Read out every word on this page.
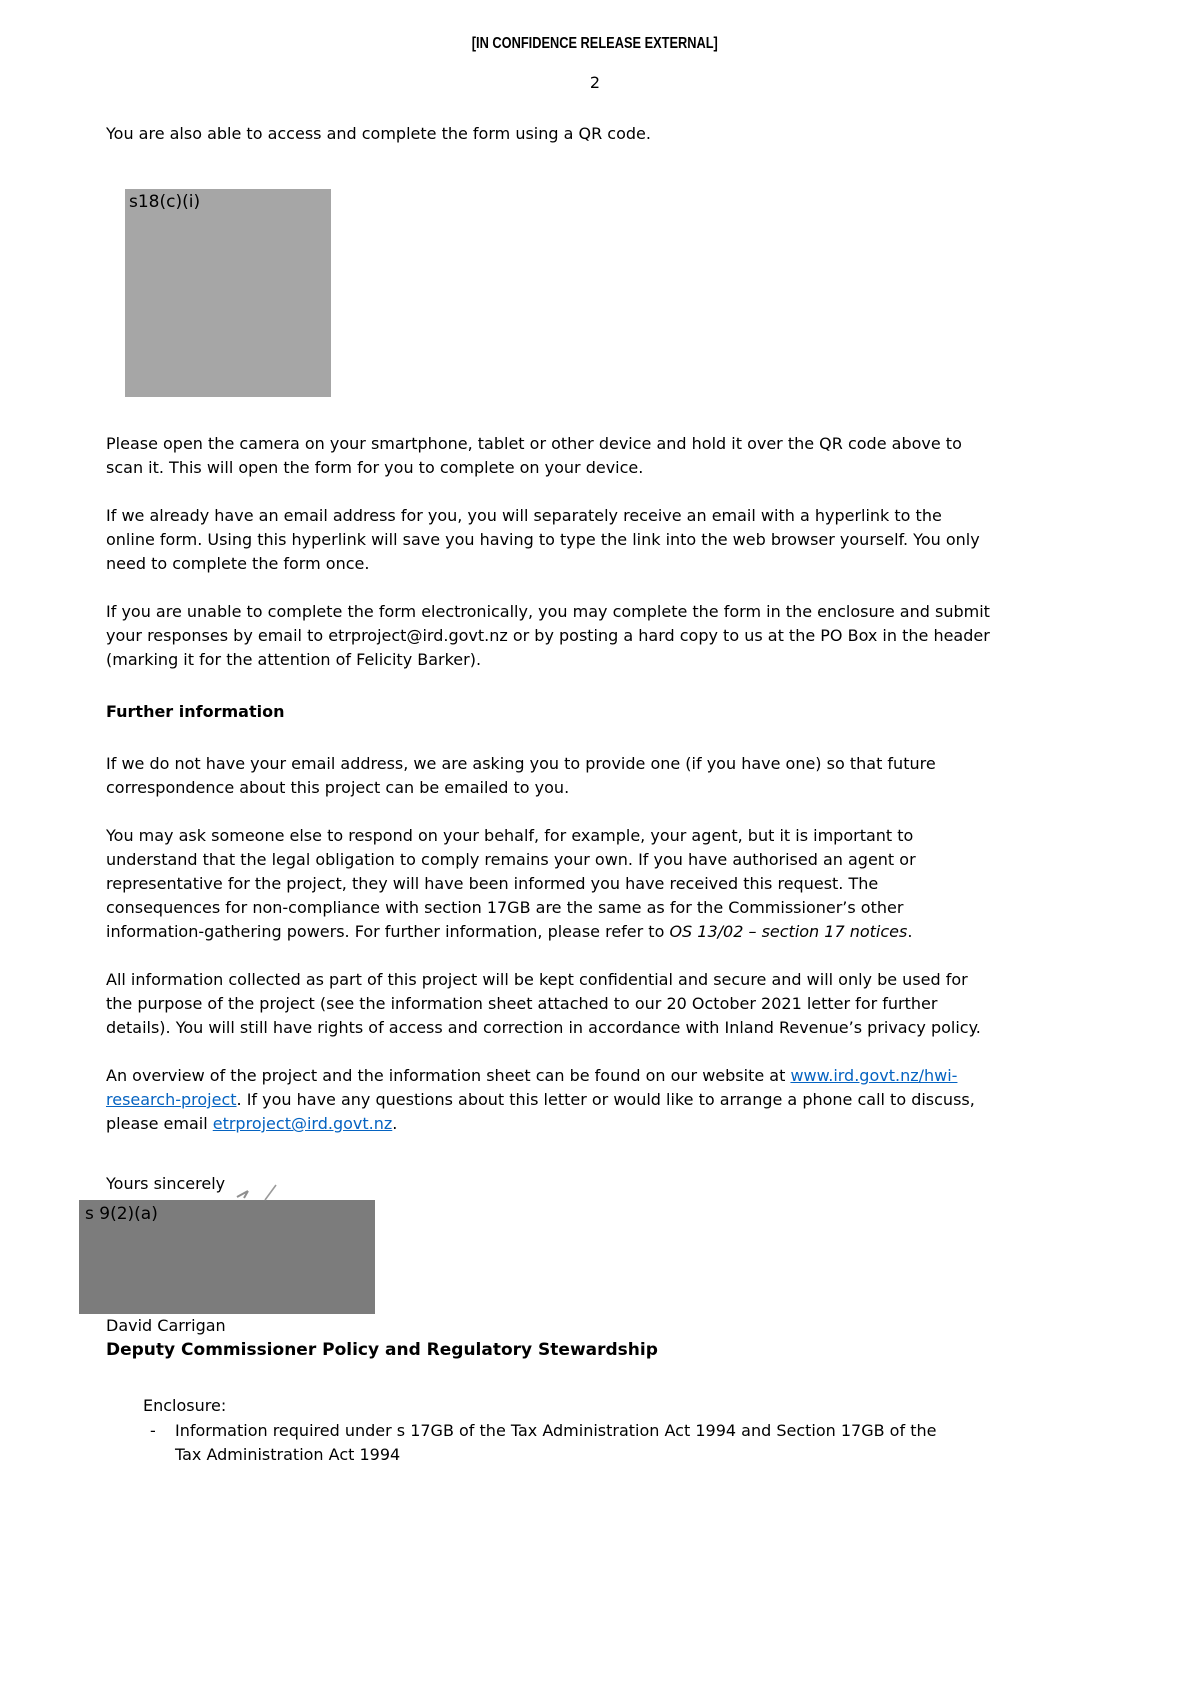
[IN CONFIDENCE RELEASE EXTERNAL]
2

You are also able to access and complete the form using a QR code.

s18(c)(i)

Please open the camera on your smartphone, tablet or other device and hold it over the QR code above to scan it. This will open the form for you to complete on your device.

If we already have an email address for you, you will separately receive an email with a hyperlink to the online form. Using this hyperlink will save you having to type the link into the web browser yourself. You only need to complete the form once.

If you are unable to complete the form electronically, you may complete the form in the enclosure and submit your responses by email to etrproject@ird.govt.nz or by posting a hard copy to us at the PO Box in the header (marking it for the attention of Felicity Barker).

Further information

If we do not have your email address, we are asking you to provide one (if you have one) so that future correspondence about this project can be emailed to you.

You may ask someone else to respond on your behalf, for example, your agent, but it is important to understand that the legal obligation to comply remains your own. If you have authorised an agent or representative for the project, they will have been informed you have received this request. The consequences for non-compliance with section 17GB are the same as for the Commissioner’s other information-gathering powers. For further information, please refer to OS 13/02 – section 17 notices.

All information collected as part of this project will be kept confidential and secure and will only be used for the purpose of the project (see the information sheet attached to our 20 October 2021 letter for further details). You will still have rights of access and correction in accordance with Inland Revenue’s privacy policy.

An overview of the project and the information sheet can be found on our website at www.ird.govt.nz/hwi-research-project. If you have any questions about this letter or would like to arrange a phone call to discuss, please email etrproject@ird.govt.nz.

Yours sincerely

s 9(2)(a)

David Carrigan

Deputy Commissioner Policy and Regulatory Stewardship

Enclosure:
-	Information required under s 17GB of the Tax Administration Act 1994 and Section 17GB of the Tax Administration Act 1994
